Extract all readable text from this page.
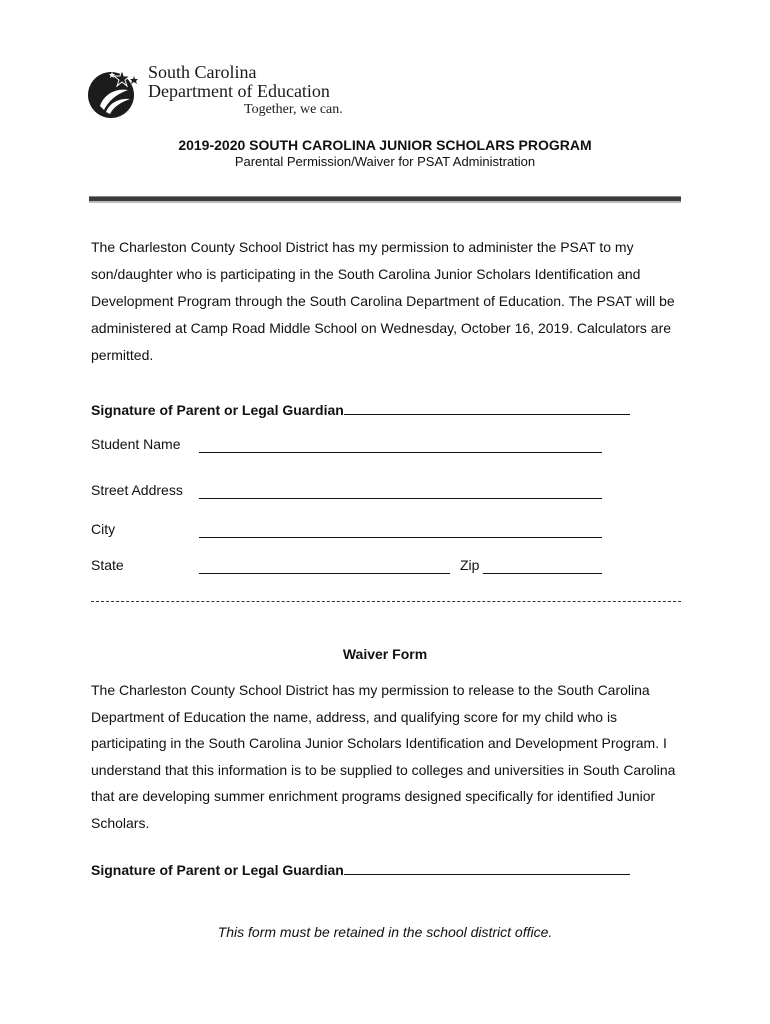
South Carolina
Department of Education
Together, we can.
2019-2020 SOUTH CAROLINA JUNIOR SCHOLARS PROGRAM
Parental Permission/Waiver for PSAT Administration
The Charleston County School District has my permission to administer the PSAT to my son/daughter who is participating in the South Carolina Junior Scholars Identification and Development Program through the South Carolina Department of Education. The PSAT will be administered at Camp Road Middle School on Wednesday, October 16, 2019. Calculators are permitted.
Signature of Parent or Legal Guardian
Student Name
Street Address
City
State	Zip
Waiver Form
The Charleston County School District has my permission to release to the South Carolina Department of Education the name, address, and qualifying score for my child who is participating in the South Carolina Junior Scholars Identification and Development Program. I understand that this information is to be supplied to colleges and universities in South Carolina that are developing summer enrichment programs designed specifically for identified Junior Scholars.
Signature of Parent or Legal Guardian
This form must be retained in the school district office.
